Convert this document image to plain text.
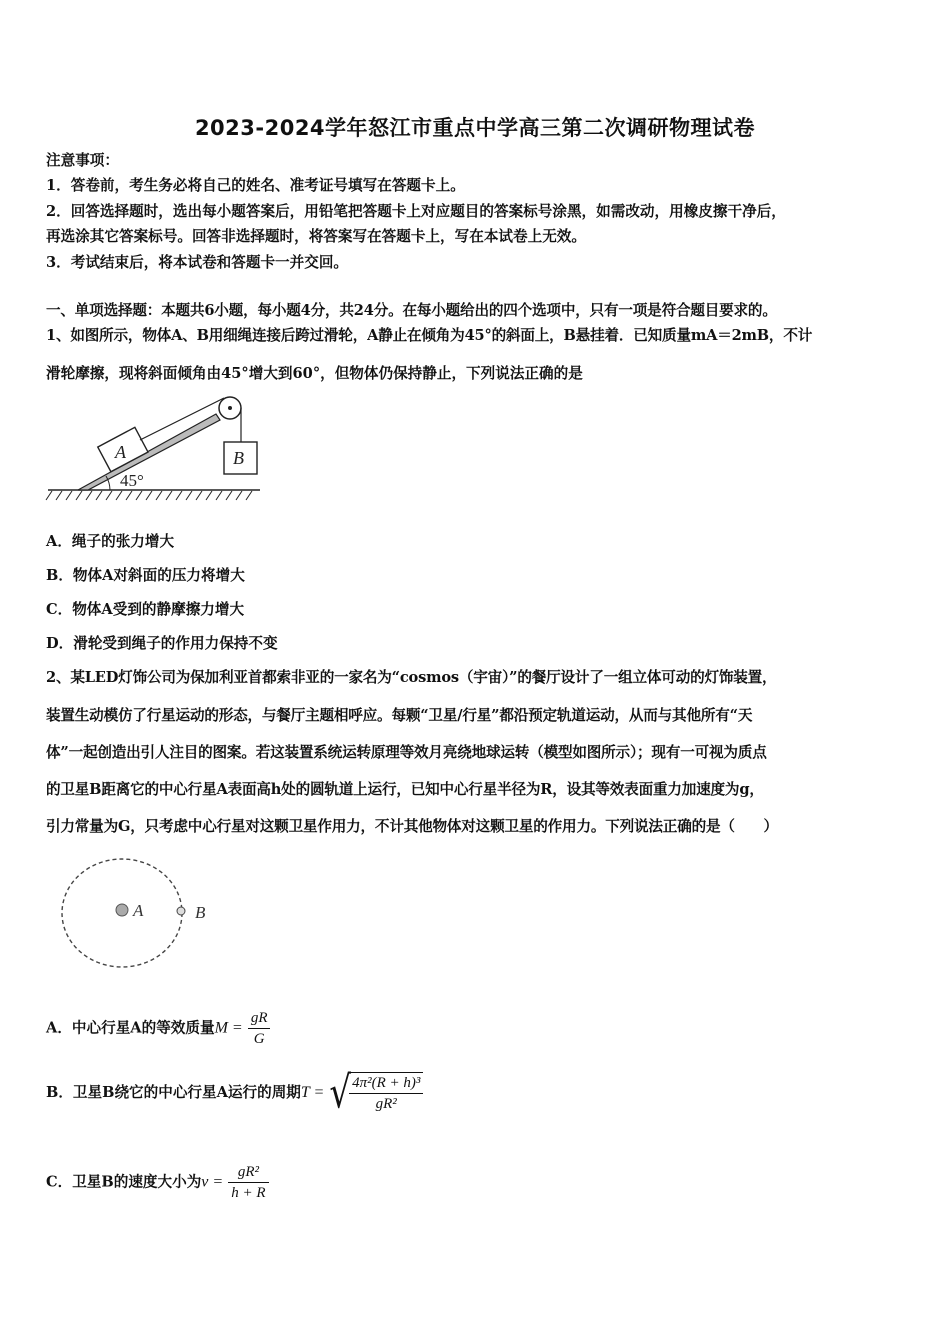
2023-2024学年怒江市重点中学高三第二次调研物理试卷
注意事项：
1．答卷前，考生务必将自己的姓名、准考证号填写在答题卡上。
2．回答选择题时，选出每小题答案后，用铅笔把答题卡上对应题目的答案标号涂黑，如需改动，用橡皮擦干净后，
再选涂其它答案标号。回答非选择题时，将答案写在答题卡上，写在本试卷上无效。
3．考试结束后，将本试卷和答题卡一并交回。
一、单项选择题：本题共6小题，每小题4分，共24分。在每小题给出的四个选项中，只有一项是符合题目要求的。
1、如图所示，物体A、B用细绳连接后跨过滑轮，A静止在倾角为45°的斜面上，B悬挂着．已知质量mA＝2mB，不计
滑轮摩擦，现将斜面倾角由45°增大到60°，但物体仍保持静止，下列说法正确的是
45°
A	B
A．绳子的张力增大
B．物体A对斜面的压力将增大
C．物体A受到的静摩擦力增大
D．滑轮受到绳子的作用力保持不变
2、某LED灯饰公司为保加利亚首都索非亚的一家名为“cosmos（宇宙）”的餐厅设计了一组立体可动的灯饰装置，
装置生动模仿了行星运动的形态，与餐厅主题相呼应。每颗“卫星/行星”都沿预定轨道运动，从而与其他所有“天
体”一起创造出引人注目的图案。若这装置系统运转原理等效月亮绕地球运转（模型如图所示）；现有一可视为质点
的卫星B距离它的中心行星A表面高h处的圆轨道上运行，已知中心行星半径为R，设其等效表面重力加速度为g，
引力常量为G，只考虑中心行星对这颗卫星作用力，不计其他物体对这颗卫星的作用力。下列说法正确的是（　　）
A	B
A．中心行星A的等效质量$M = \frac{gR}{G}$
B．卫星B绕它的中心行星A运行的周期T = √
$\frac{\text{4π²(R + h)³}}{\text{gR²}}$
C．卫星B的速度大小为$v = \frac{\text{gR²}}{h + R}$
